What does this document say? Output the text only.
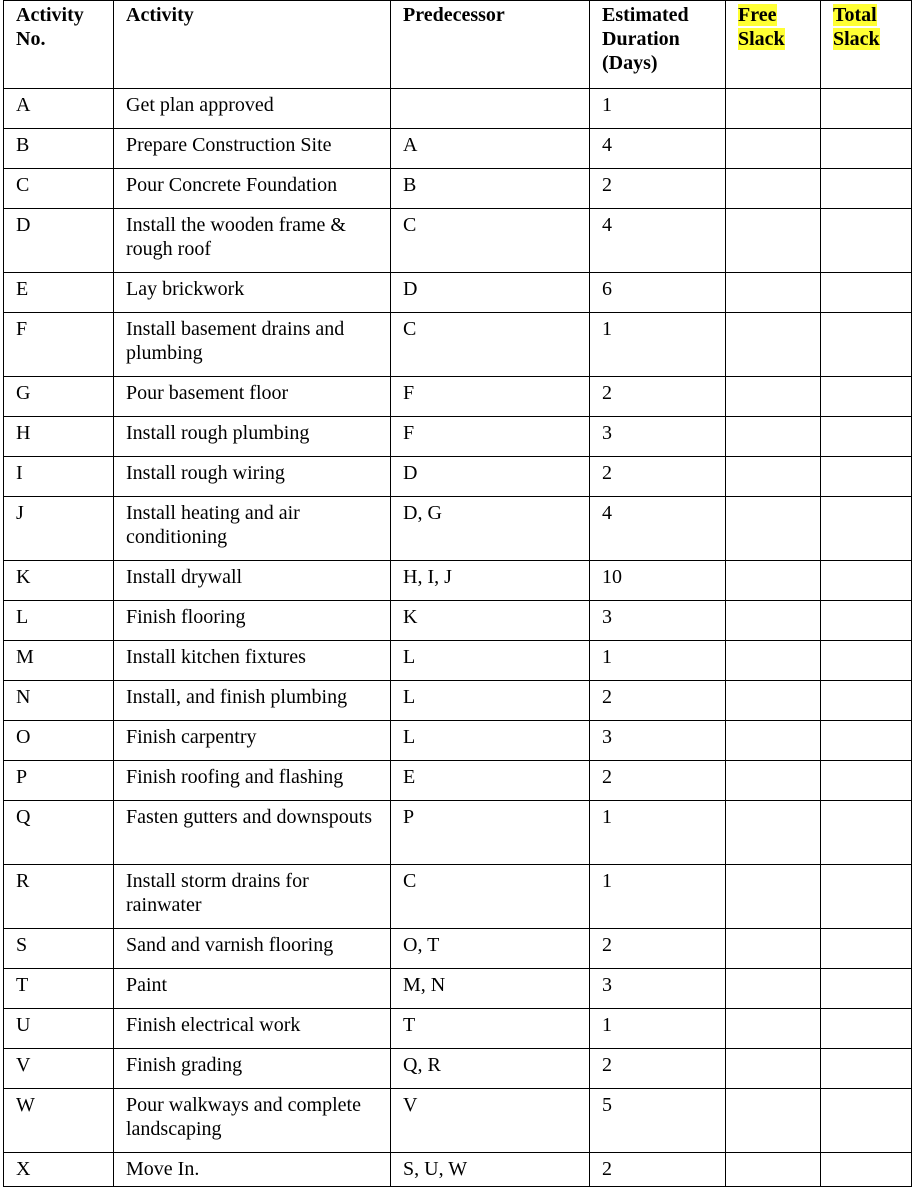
Activity No.	Activity	Predecessor	Estimated Duration (Days)	Free Slack	Total Slack
A	Get plan approved		1		
B	Prepare Construction Site	A	4		
C	Pour Concrete Foundation	B	2		
D	Install the wooden frame & rough roof	C	4		
E	Lay brickwork	D	6		
F	Install basement drains and plumbing	C	1		
G	Pour basement floor	F	2		
H	Install rough plumbing	F	3		
I	Install rough wiring	D	2		
J	Install heating and air conditioning	D, G	4		
K	Install drywall	H, I, J	10		
L	Finish flooring	K	3		
M	Install kitchen fixtures	L	1		
N	Install, and finish plumbing	L	2		
O	Finish carpentry	L	3		
P	Finish roofing and flashing	E	2		
Q	Fasten gutters and downspouts	P	1		
R	Install storm drains for rainwater	C	1		
S	Sand and varnish flooring	O, T	2		
T	Paint	M, N	3		
U	Finish electrical work	T	1		
V	Finish grading	Q, R	2		
W	Pour walkways and complete landscaping	V	5		
X	Move In.	S, U, W	2		
